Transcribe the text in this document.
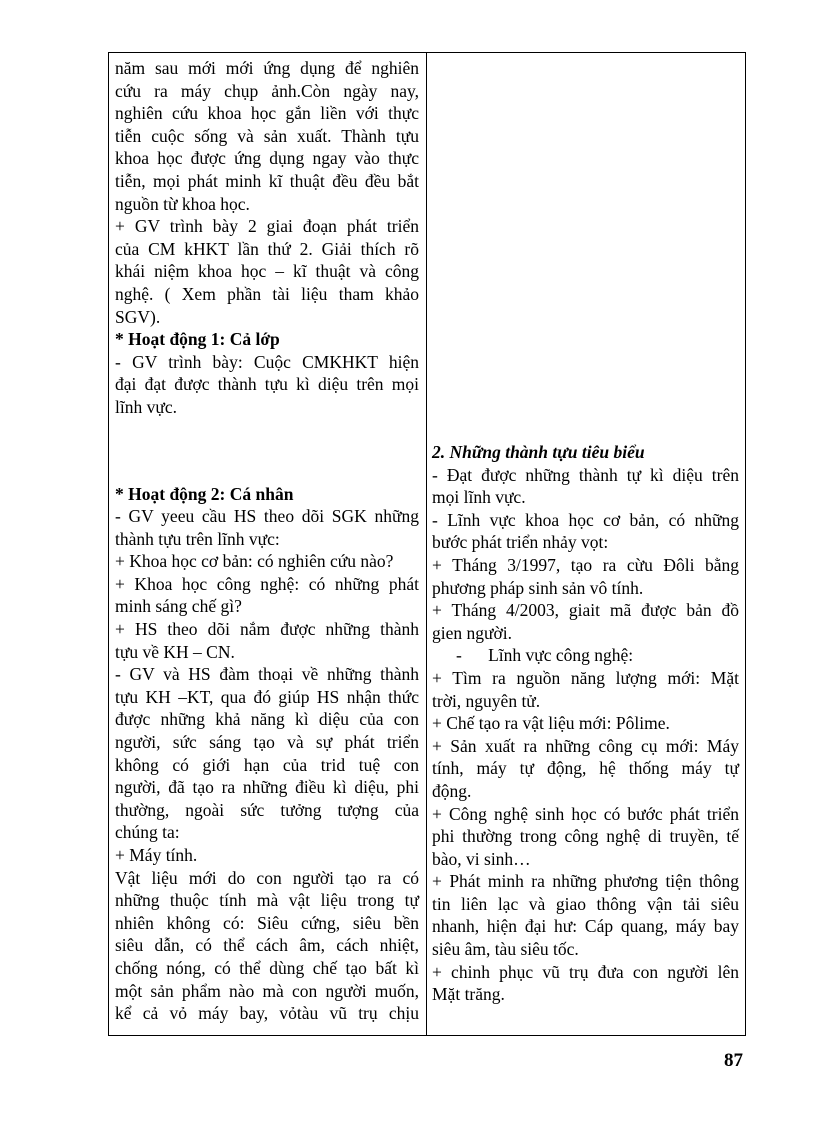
năm sau mới mới ứng dụng để nghiên
cứu ra máy chụp ảnh.Còn ngày nay,
nghiên cứu khoa học gắn liền với thực
tiễn cuộc sống và sản xuất. Thành tựu
khoa học được ứng dụng ngay vào thực
tiễn, mọi phát minh kĩ thuật đều đều bắt
nguồn từ khoa học.
+ GV trình bày 2 giai đoạn phát triển
của CM kHKT lần thứ 2. Giải thích rõ
khái niệm khoa học – kĩ thuật và công
nghệ. ( Xem phần tài liệu tham khảo
SGV).
* Hoạt động 1: Cả lớp
- GV trình bày: Cuộc CMKHKT hiện
đại đạt được thành tựu kì diệu trên mọi
lĩnh vực.
* Hoạt động 2: Cá nhân
- GV yeeu cầu HS theo dõi SGK những
thành tựu trên lĩnh vực:
+ Khoa học cơ bản: có nghiên cứu nào?
+ Khoa học công nghệ: có những phát
minh sáng chế gì?
+ HS theo dõi nắm được những thành
tựu về KH – CN.
- GV và HS đàm thoại về những thành
tựu KH –KT, qua đó giúp HS nhận thức
được những khả năng kì diệu của con
người, sức sáng tạo và sự phát triển
không có giới hạn của trid tuệ con
người, đã tạo ra những điều kì diệu, phi
thường, ngoài sức tưởng tượng của
chúng ta:
+ Máy tính.
Vật liệu mới do con người tạo ra có
những thuộc tính mà vật liệu trong tự
nhiên không có: Siêu cứng, siêu bền
siêu dẫn, có thể cách âm, cách nhiệt,
chống nóng, có thể dùng chế tạo bất kì
một sản phẩm nào mà con người muốn,
kể cả vỏ máy bay, vỏtàu vũ trụ chịu
2. Những thành tựu tiêu biểu
- Đạt được những thành tự kì diệu trên
mọi lĩnh vực.
- Lĩnh vực khoa học cơ bản, có những
bước phát triển nhảy vọt:
+ Tháng 3/1997, tạo ra cừu Đôli bằng
phương pháp sinh sản vô tính.
+ Tháng 4/2003, giait mã được bản đồ
gien người.
-      Lĩnh vực công nghệ:
+ Tìm ra nguồn năng lượng mới: Mặt
trời, nguyên tử.
+ Chế tạo ra vật liệu mới: Pôlime.
+ Sản xuất ra những công cụ mới: Máy
tính, máy tự động, hệ thống máy tự
động.
+ Công nghệ sinh học có bước phát triển
phi thường trong công nghệ di truyền, tế
bào, vi sinh…
+ Phát minh ra những phương tiện thông
tin liên lạc và giao thông vận tải siêu
nhanh, hiện đại hư: Cáp quang, máy bay
siêu âm, tàu siêu tốc.
+ chinh phục vũ trụ đưa con người lên
Mặt trăng.
87
